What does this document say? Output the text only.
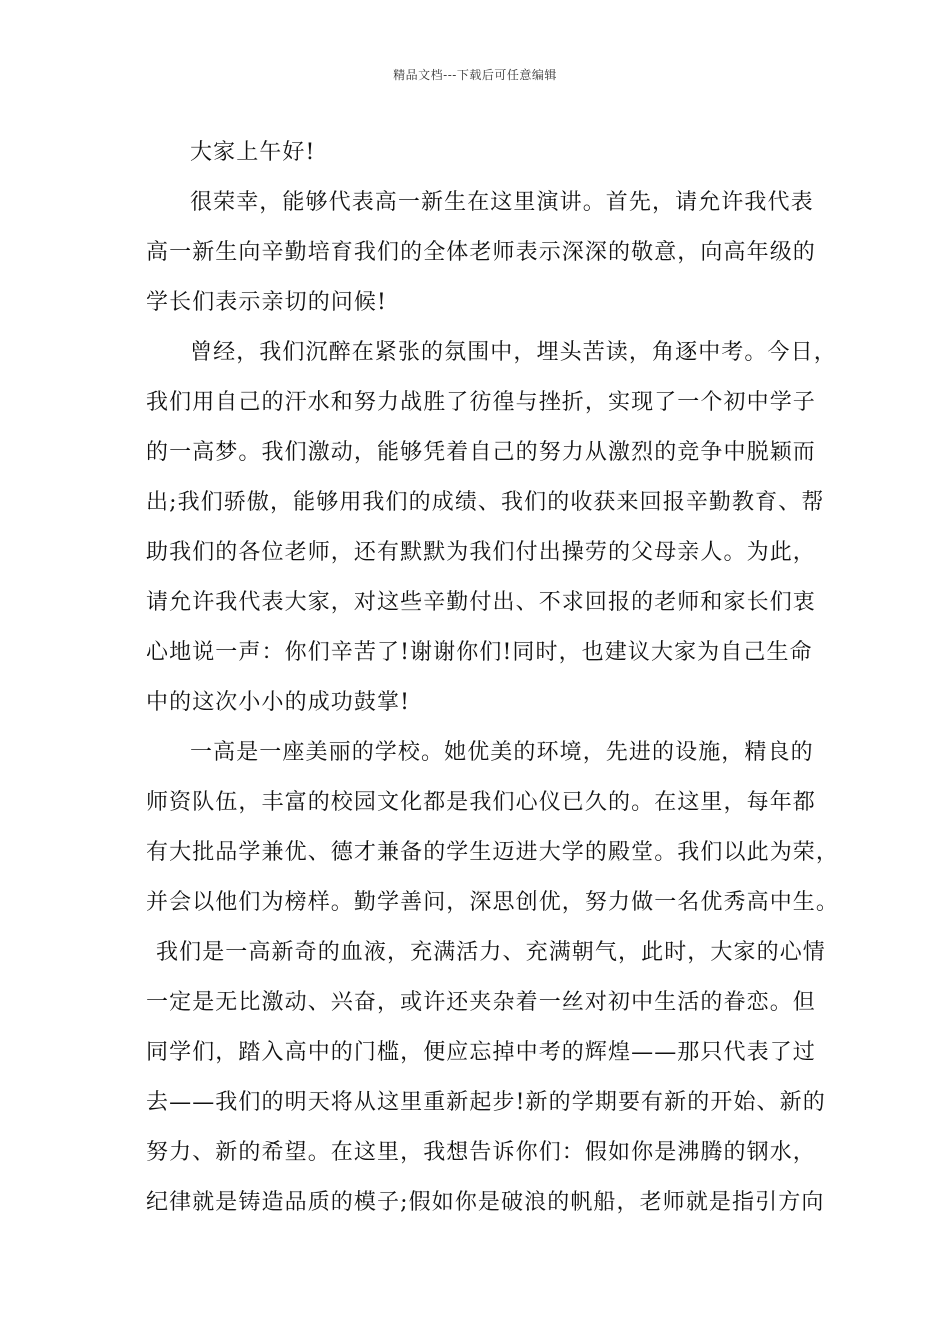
精品文档---下载后可任意编辑
大家上午好!
很荣幸，能够代表高一新生在这里演讲。首先，请允许我代表
高一新生向辛勤培育我们的全体老师表示深深的敬意，向高年级的
学长们表示亲切的问候!
曾经，我们沉醉在紧张的氛围中，埋头苦读，角逐中考。今日，
我们用自己的汗水和努力战胜了彷徨与挫折，实现了一个初中学子
的一高梦。我们激动，能够凭着自己的努力从激烈的竞争中脱颖而
出;我们骄傲，能够用我们的成绩、我们的收获来回报辛勤教育、帮
助我们的各位老师，还有默默为我们付出操劳的父母亲人。为此，
请允许我代表大家，对这些辛勤付出、不求回报的老师和家长们衷
心地说一声：你们辛苦了!谢谢你们!同时，也建议大家为自己生命
中的这次小小的成功鼓掌!
一高是一座美丽的学校。她优美的环境，先进的设施，精良的
师资队伍，丰富的校园文化都是我们心仪已久的。在这里，每年都
有大批品学兼优、德才兼备的学生迈进大学的殿堂。我们以此为荣，
并会以他们为榜样。勤学善问，深思创优，努力做一名优秀高中生。
我们是一高新奇的血液，充满活力、充满朝气，此时，大家的心情
一定是无比激动、兴奋，或许还夹杂着一丝对初中生活的眷恋。但
同学们，踏入高中的门槛，便应忘掉中考的辉煌——那只代表了过
去——我们的明天将从这里重新起步!新的学期要有新的开始、新的
努力、新的希望。在这里，我想告诉你们：假如你是沸腾的钢水，
纪律就是铸造品质的模子;假如你是破浪的帆船，老师就是指引方向
